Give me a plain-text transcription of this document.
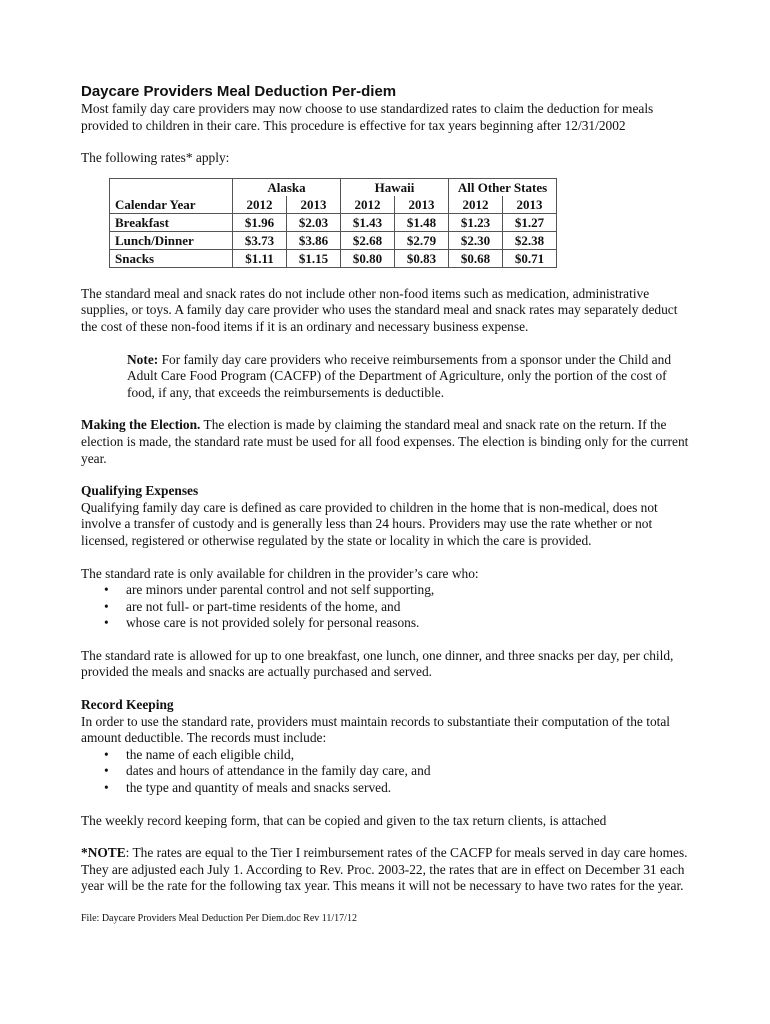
Daycare Providers Meal Deduction Per-diem

Most family day care providers may now choose to use standardized rates to claim the deduction for meals provided to children in their care. This procedure is effective for tax years beginning after 12/31/2002

The following rates* apply:

	Alaska		Hawaii		All Other States	
Calendar Year	2012	2013	2012	2013	2012	2013
Breakfast	$1.96	$2.03	$1.43	$1.48	$1.23	$1.27
Lunch/Dinner	$3.73	$3.86	$2.68	$2.79	$2.30	$2.38
Snacks	$1.11	$1.15	$0.80	$0.83	$0.68	$0.71

The standard meal and snack rates do not include other non-food items such as medication, administrative supplies, or toys. A family day care provider who uses the standard meal and snack rates may separately deduct the cost of these non-food items if it is an ordinary and necessary business expense.

Note: For family day care providers who receive reimbursements from a sponsor under the Child and Adult Care Food Program (CACFP) of the Department of Agriculture, only the portion of the cost of food, if any, that exceeds the reimbursements is deductible.

Making the Election. The election is made by claiming the standard meal and snack rate on the return. If the election is made, the standard rate must be used for all food expenses. The election is binding only for the current year.

Qualifying Expenses

Qualifying family day care is defined as care provided to children in the home that is non-medical, does not involve a transfer of custody and is generally less than 24 hours. Providers may use the rate whether or not licensed, registered or otherwise regulated by the state or locality in which the care is provided.

The standard rate is only available for children in the provider’s care who:

• are minors under parental control and not self supporting,
• are not full- or part-time residents of the home, and
• whose care is not provided solely for personal reasons.

The standard rate is allowed for up to one breakfast, one lunch, one dinner, and three snacks per day, per child, provided the meals and snacks are actually purchased and served.

Record Keeping

In order to use the standard rate, providers must maintain records to substantiate their computation of the total amount deductible. The records must include:

• the name of each eligible child,
• dates and hours of attendance in the family day care, and
• the type and quantity of meals and snacks served.

The weekly record keeping form, that can be copied and given to the tax return clients, is attached

*NOTE: The rates are equal to the Tier I reimbursement rates of the CACFP for meals served in day care homes. They are adjusted each July 1. According to Rev. Proc. 2003-22, the rates that are in effect on December 31 each year will be the rate for the following tax year. This means it will not be necessary to have two rates for the year.

File: Daycare Providers Meal Deduction Per Diem.doc Rev 11/17/12
